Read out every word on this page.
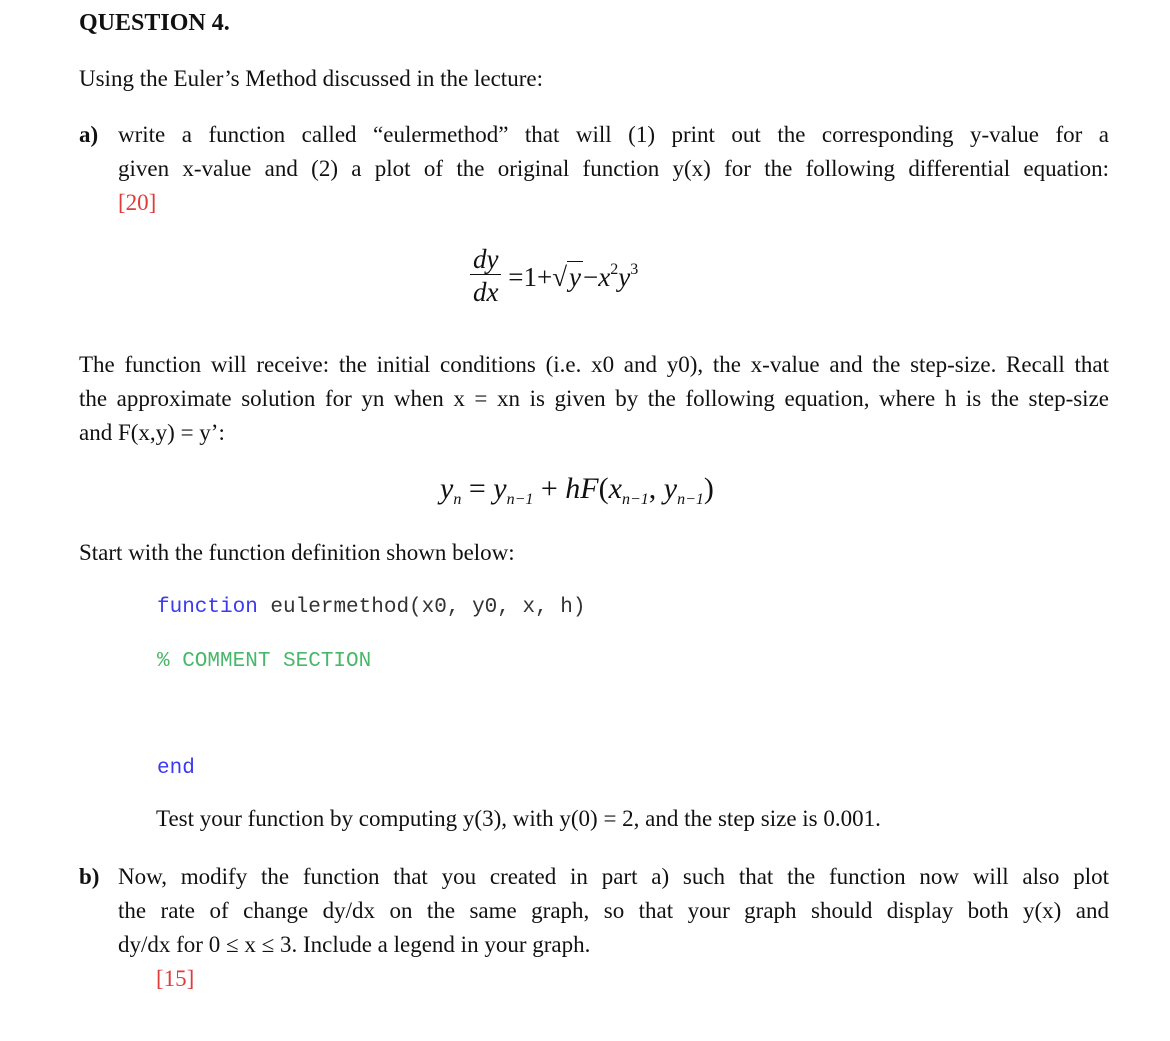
QUESTION 4.
Using the Euler’s Method discussed in the lecture:
a) write a function called “eulermethod” that will (1) print out the corresponding y-value for a
given x-value and (2) a plot of the original function y(x) for the following differential equation:
[20]
$\frac{dy}{dx} =1+√y-x^2y^3$
The function will receive: the initial conditions (i.e. x0 and y0), the x-value and the step-size. Recall that
the approximate solution for yn when x = xn is given by the following equation, where h is the step-size
and F(x,y) = y’:
$y_n = y_{n-1} + hF(x_{n-1}$, $y_{n-1}$)
Start with the function definition shown below:
function eulermethod(x0, y0, x, h)
% COMMENT SECTION
end
Test your function by computing y(3), with y(0) = 2, and the step size is 0.001.
b) Now, modify the function that you created in part a) such that the function now will also plot
the rate of change dy/dx on the same graph, so that your graph should display both y(x) and
dy/dx for 0 ≤ x ≤ 3. Include a legend in your graph.
[15]
